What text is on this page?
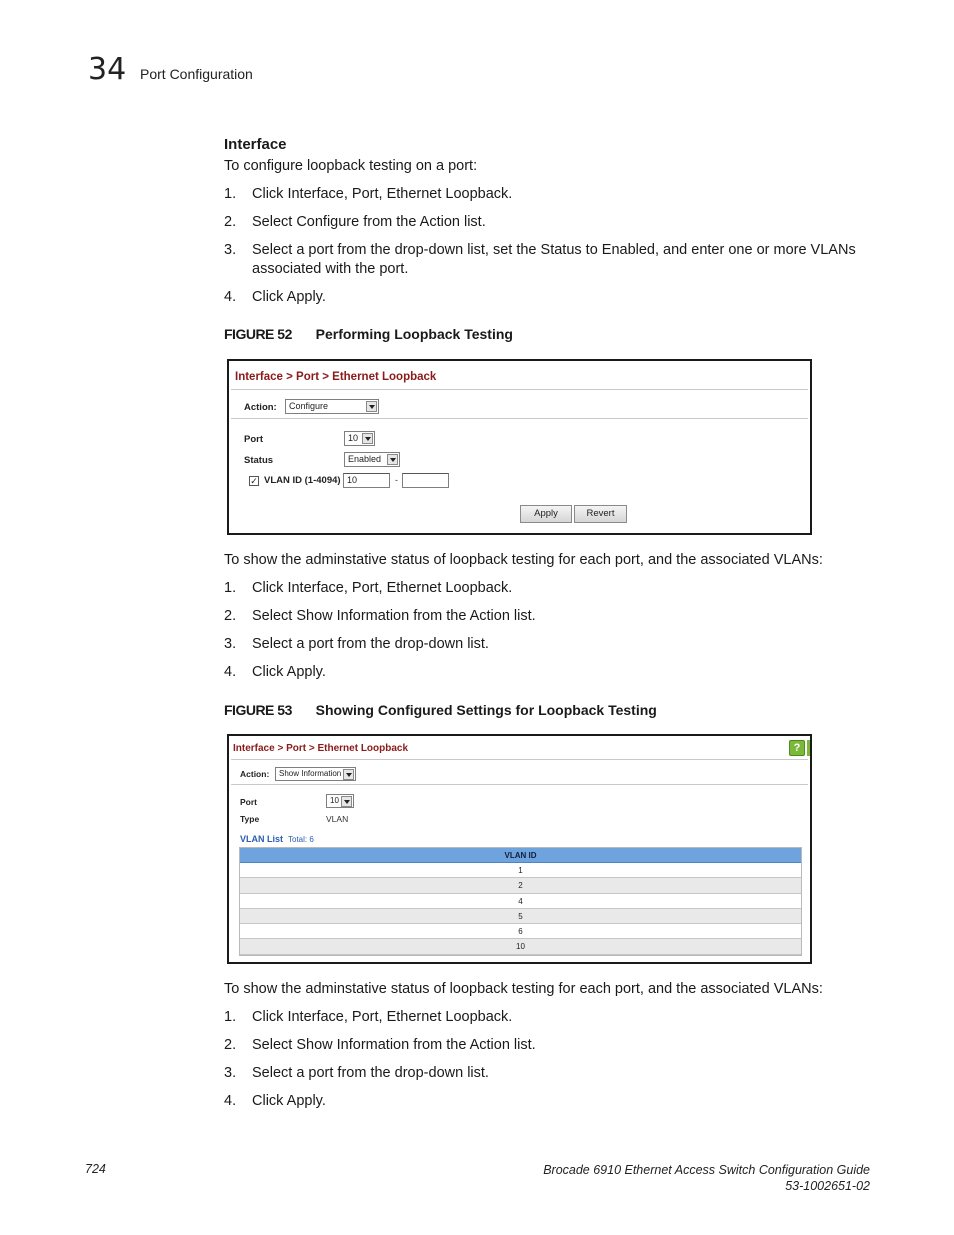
34 Port Configuration
Interface
To configure loopback testing on a port:
1. Click Interface, Port, Ethernet Loopback.
2. Select Configure from the Action list.
3. Select a port from the drop-down list, set the Status to Enabled, and enter one or more VLANs associated with the port.
4. Click Apply.
FIGURE 52 Performing Loopback Testing
Interface > Port > Ethernet Loopback
Action:	Configure
Port	10
Status	Enabled
✓ VLAN ID (1-4094) 10	-
Apply	Revert
To show the adminstative status of loopback testing for each port, and the associated VLANs:
1. Click Interface, Port, Ethernet Loopback.
2. Select Show Information from the Action list.
3. Select a port from the drop-down list.
4. Click Apply.
FIGURE 53 Showing Configured Settings for Loopback Testing
Interface > Port > Ethernet Loopback	?
Action:	Show Information
Port	10
Type	VLAN
VLAN List Total: 6
VLAN ID
1
2
4
5
6
10
To show the adminstative status of loopback testing for each port, and the associated VLANs:
1. Click Interface, Port, Ethernet Loopback.
2. Select Show Information from the Action list.
3. Select a port from the drop-down list.
4. Click Apply.
724	Brocade 6910 Ethernet Access Switch Configuration Guide
53-1002651-02
